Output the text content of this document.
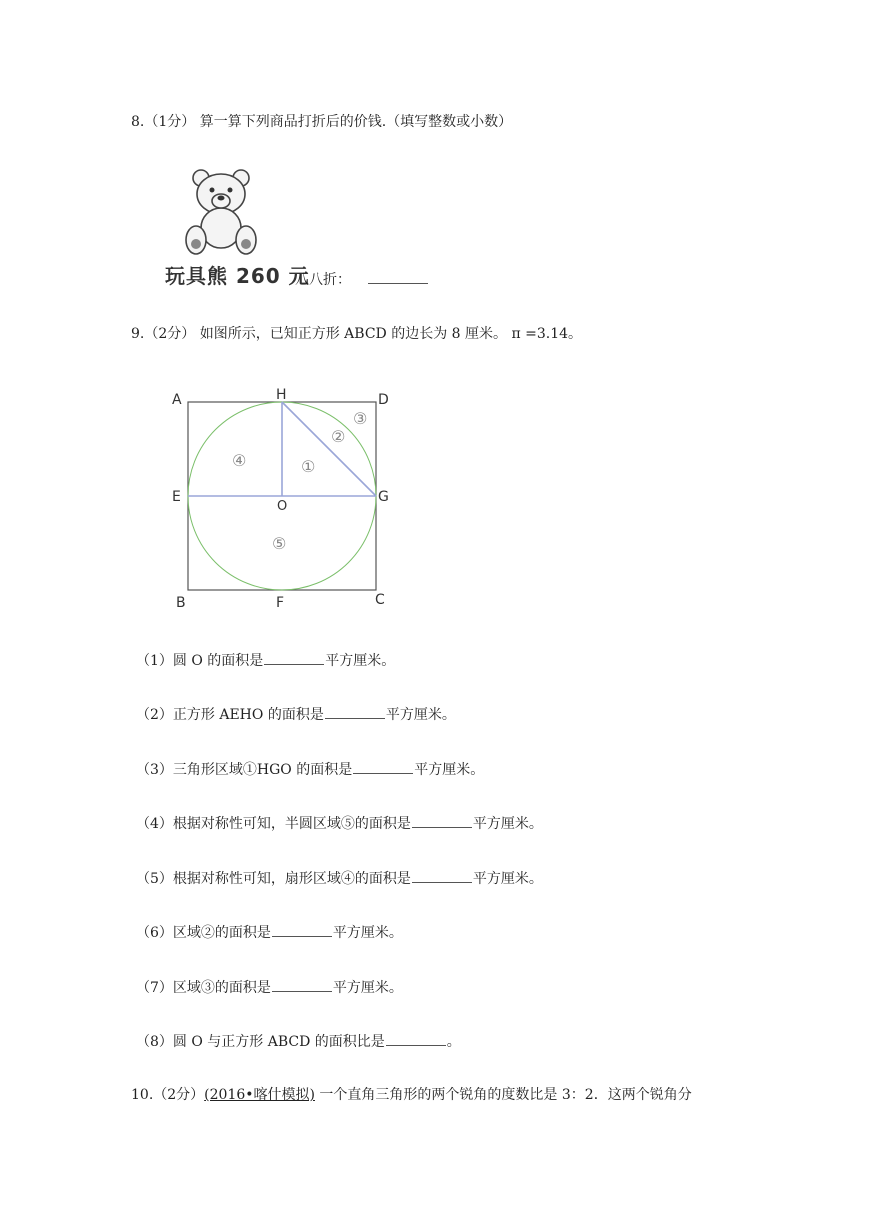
8.（1分） 算一算下列商品打折后的价钱.（填写整数或小数）
玩具熊 260 元
八八折：
9.（2分） 如图所示，已知正方形 ABCD 的边长为 8 厘米。 π =3.14。
A	H	D
E
O
G
B	F	C
①
②
③
④
⑤
（1）圆 O 的面积是	平方厘米。
（2）正方形 AEHO 的面积是	平方厘米。
（3）三角形区域①HGO 的面积是	平方厘米。
（4）根据对称性可知，半圆区域⑤的面积是	平方厘米。
（5）根据对称性可知，扇形区域④的面积是	平方厘米。
（6）区域②的面积是	平方厘米。
（7）区域③的面积是	平方厘米。
（8）圆 O 与正方形 ABCD 的面积比是	。
10.（2分）(2016•喀什模拟) 一个直角三角形的两个锐角的度数比是 3：2．这两个锐角分
